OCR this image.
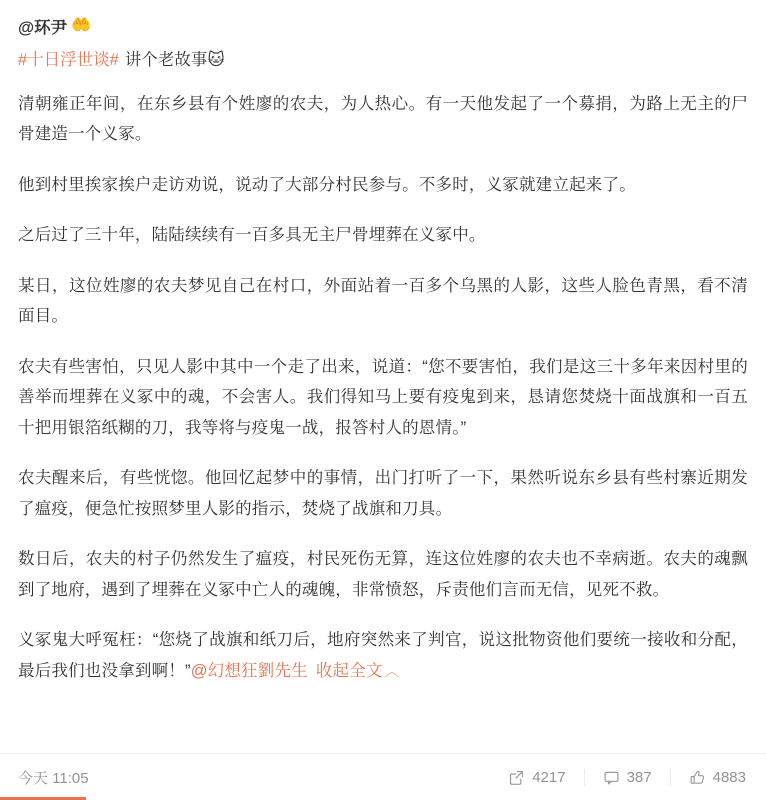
@环尹 🤲
#十日浮世谈# 讲个老故事🐱

清朝雍正年间，在东乡县有个姓廖的农夫，为人热心。有一天他发起了一个募捐，为路上无主的尸骨建造一个义冢。

他到村里挨家挨户走访劝说，说动了大部分村民参与。不多时，义冢就建立起来了。

之后过了三十年，陆陆续续有一百多具无主尸骨埋葬在义冢中。

某日，这位姓廖的农夫梦见自己在村口，外面站着一百多个乌黑的人影，这些人脸色青黑，看不清面目。

农夫有些害怕，只见人影中其中一个走了出来，说道：“您不要害怕，我们是这三十多年来因村里的善举而埋葬在义冢中的魂，不会害人。我们得知马上要有疫鬼到来，恳请您焚烧十面战旗和一百五十把用银箔纸糊的刀，我等将与疫鬼一战，报答村人的恩情。”

农夫醒来后，有些恍惚。他回忆起梦中的事情，出门打听了一下，果然听说东乡县有些村寨近期发了瘟疫，便急忙按照梦里人影的指示，焚烧了战旗和刀具。

数日后，农夫的村子仍然发生了瘟疫，村民死伤无算，连这位姓廖的农夫也不幸病逝。农夫的魂飘到了地府，遇到了埋葬在义冢中亡人的魂魄，非常愤怒，斥责他们言而无信，见死不救。

义冢鬼大呼冤枉：“您烧了战旗和纸刀后，地府突然来了判官，说这批物资他们要统一接收和分配，最后我们也没拿到啊！”@幻想狂劉先生 收起全文︿

今天 11:05	4217	387	4883
